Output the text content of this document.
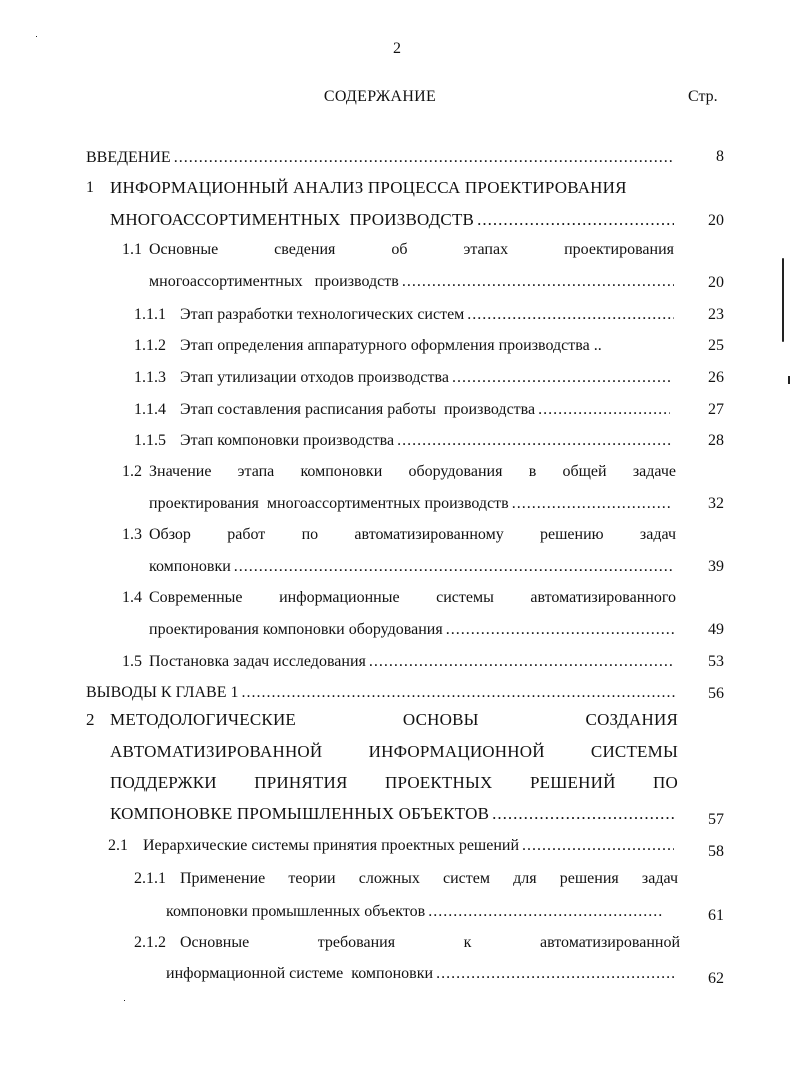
2
СОДЕРЖАНИЕ	Стр.
ВВЕДЕНИЕ .....	8
1 ИНФОРМАЦИОННЫЙ АНАЛИЗ ПРОЦЕССА ПРОЕКТИРОВАНИЯ
МНОГОАССОРТИМЕНТНЫХ  ПРОИЗВОДСТВ .....	20
1.1 Основные сведения об этапах проектирования
многоассортиментных   производств .....	20
1.1.1 Этап разработки технологических систем .....	23
1.1.2 Этап определения аппаратурного оформления производства ..	25
1.1.3 Этап утилизации отходов производства .....	26
1.1.4 Этап составления расписания работы  производства .....	27
1.1.5 Этап компоновки производства .....	28
1.2 Значение этапа компоновки оборудования в общей задаче
проектирования  многоассортиментных производств .....	32
1.3 Обзор работ по автоматизированному решению задач
компоновки .....	39
1.4 Современные информационные системы автоматизированного
проектирования компоновки оборудования .....	49
1.5 Постановка задач исследования .....	53
ВЫВОДЫ К ГЛАВЕ 1 .....	56
2 МЕТОДОЛОГИЧЕСКИЕ ОСНОВЫ СОЗДАНИЯ
АВТОМАТИЗИРОВАННОЙ ИНФОРМАЦИОННОЙ СИСТЕМЫ
ПОДДЕРЖКИ ПРИНЯТИЯ ПРОЕКТНЫХ РЕШЕНИЙ ПО
КОМПОНОВКЕ ПРОМЫШЛЕННЫХ ОБЪЕКТОВ .....	57
2.1 Иерархические системы принятия проектных решений .....	58
2.1.1 Применение теории сложных систем для решения задач
компоновки промышленных объектов .....	61
2.1.2 Основные требования к автоматизированной
информационной системе  компоновки .....	62
